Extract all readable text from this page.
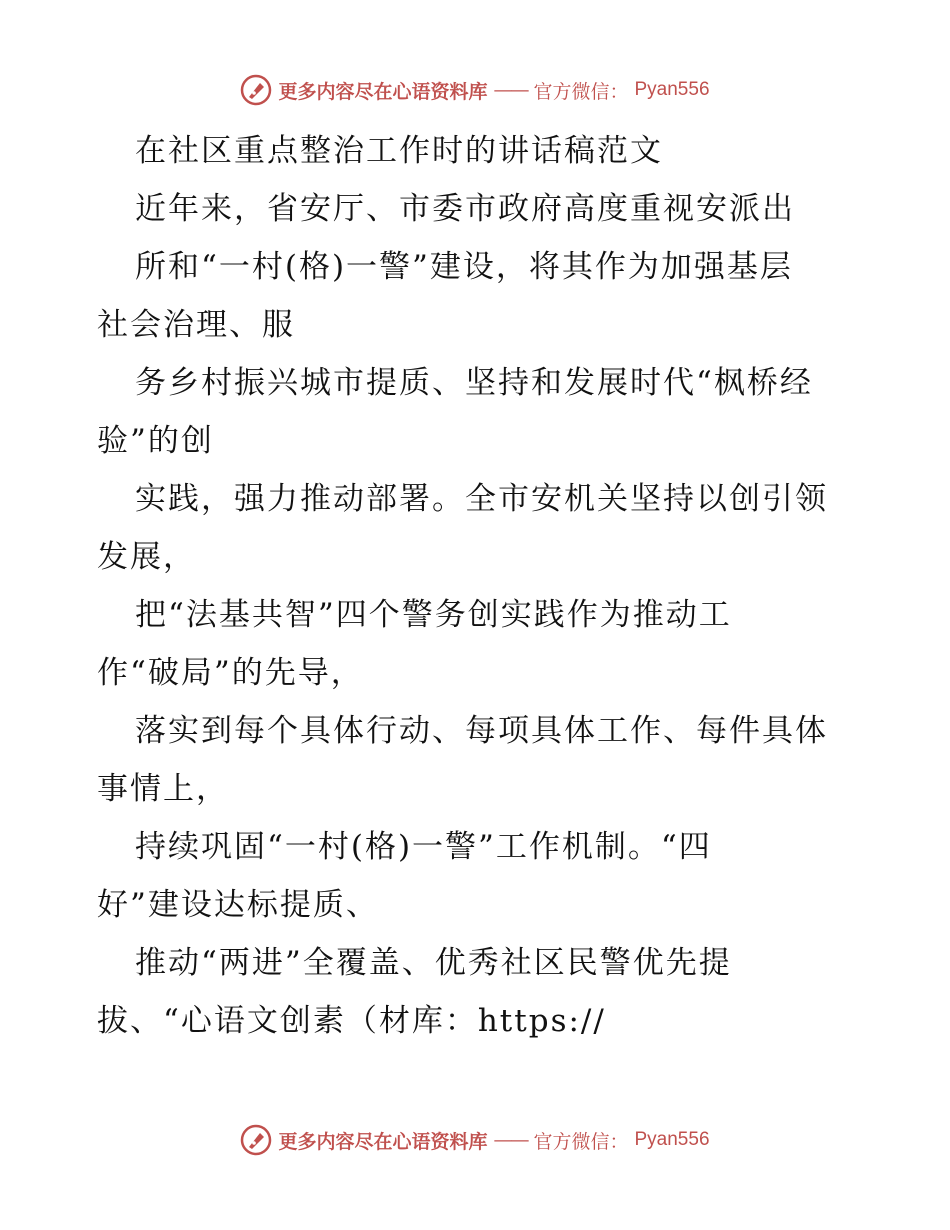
更多内容尽在心语资料库 —— 官方微信： Pyan556

在社区重点整治工作时的讲话稿范文

近年来，省安厅、市委市政府高度重视安派出

所和“一村(格)一警”建设，将其作为加强基层

社会治理、服

务乡村振兴城市提质、坚持和发展时代“枫桥经

验”的创

实践，强力推动部署。全市安机关坚持以创引领

发展，

把“法基共智”四个警务创实践作为推动工

作“破局”的先导，

落实到每个具体行动、每项具体工作、每件具体

事情上，

持续巩固“一村(格)一警”工作机制。“四

好”建设达标提质、

推动“两进”全覆盖、优秀社区民警优先提

拔、“心语文创素（材库：https://

更多内容尽在心语资料库 —— 官方微信： Pyan556
